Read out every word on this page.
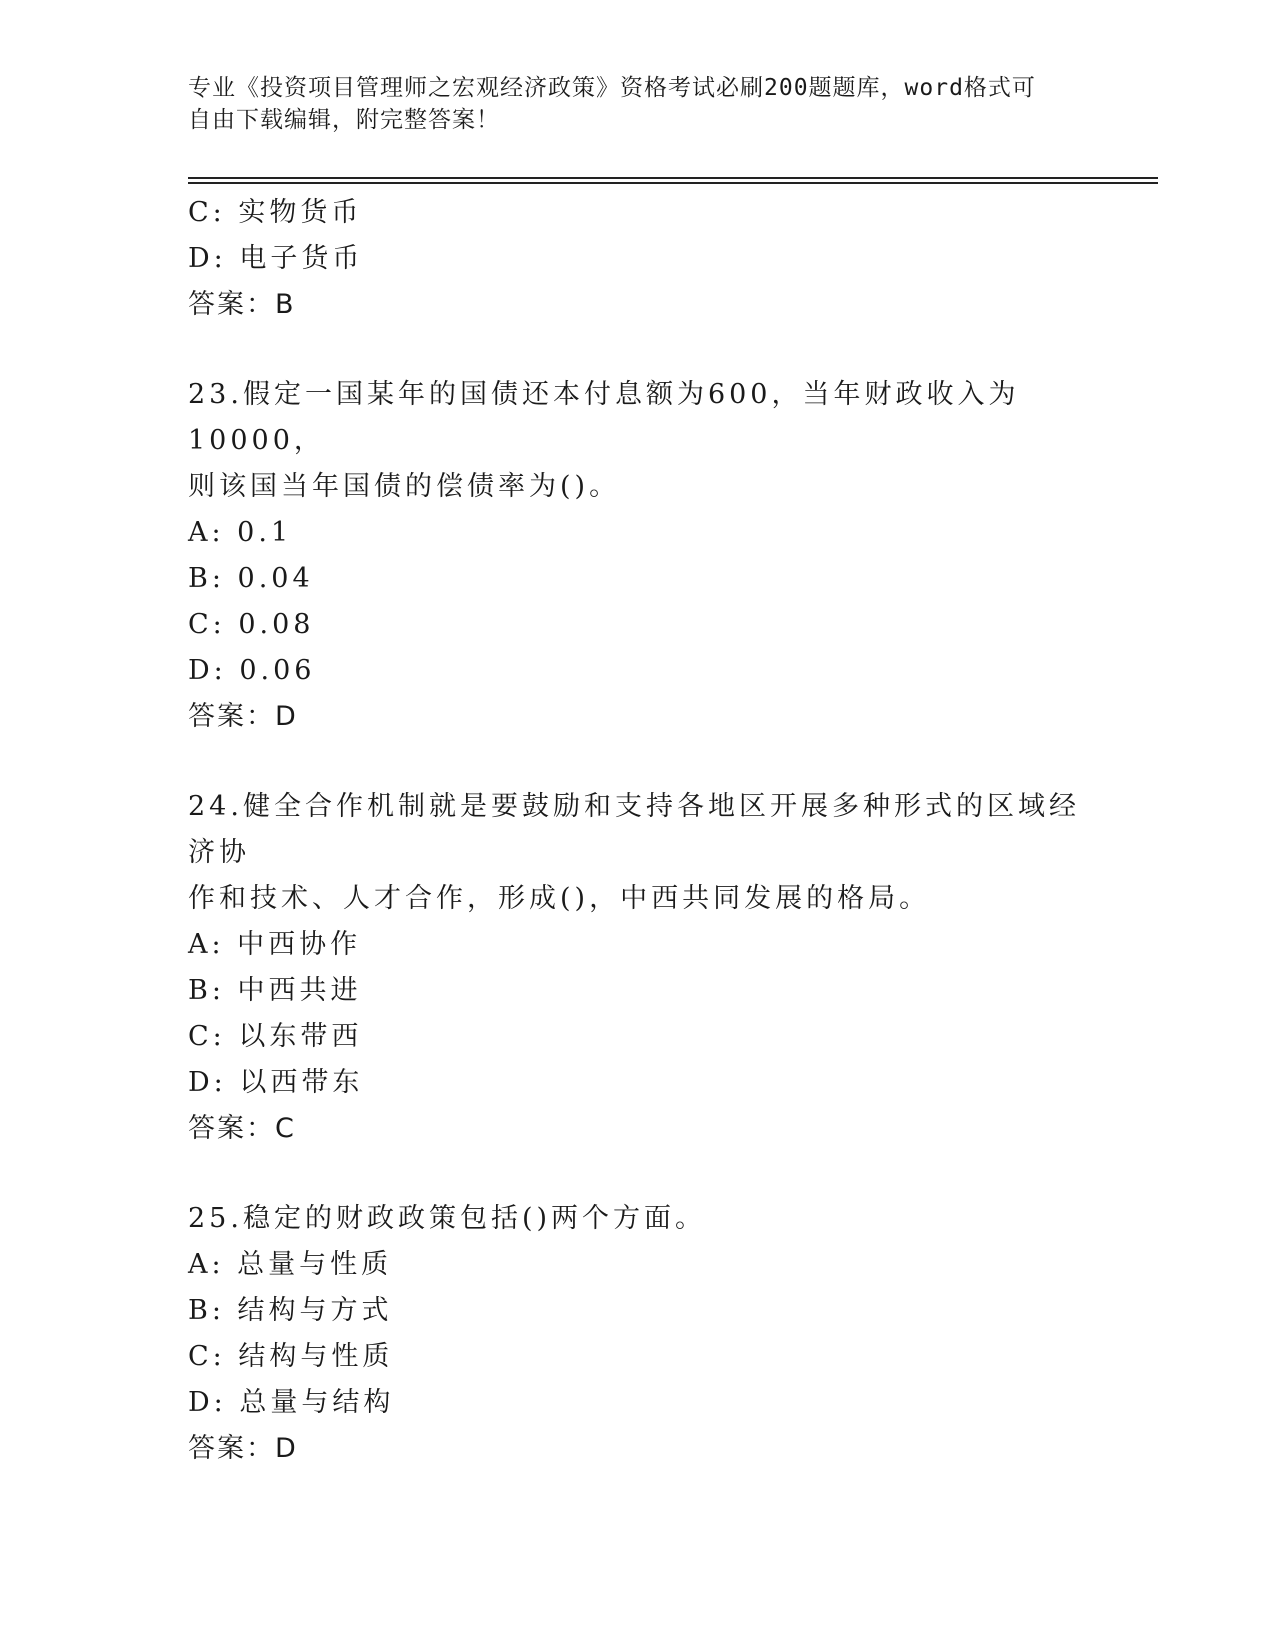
专业《投资项目管理师之宏观经济政策》资格考试必刷200题题库，word格式可
自由下载编辑，附完整答案！
C: 实物货币
D: 电子货币
答案：B
23.假定一国某年的国债还本付息额为600，当年财政收入为10000，
则该国当年国债的偿债率为()。
A: 0.1
B: 0.04
C: 0.08
D: 0.06
答案：D
24.健全合作机制就是要鼓励和支持各地区开展多种形式的区域经济协
作和技术、人才合作，形成()，中西共同发展的格局。
A: 中西协作
B: 中西共进
C: 以东带西
D: 以西带东
答案：C
25.稳定的财政政策包括()两个方面。
A: 总量与性质
B: 结构与方式
C: 结构与性质
D: 总量与结构
答案：D
